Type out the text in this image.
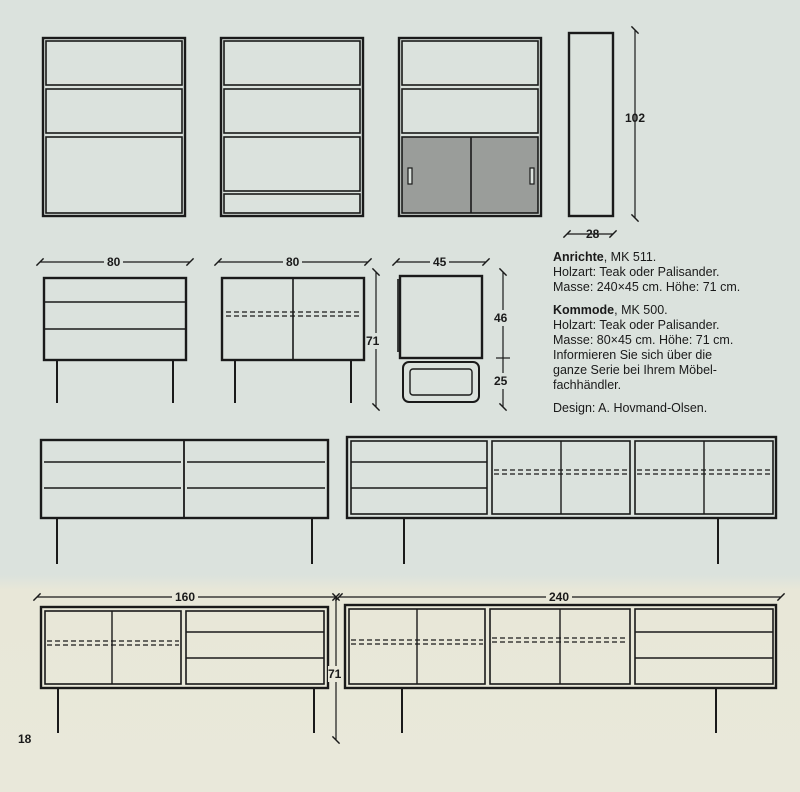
102
28
80	80	45
46
25
71
160	240
71

Anrichte, MK 511.
Holzart: Teak oder Palisander.
Masse: 240×45 cm. Höhe: 71 cm.

Kommode, MK 500.
Holzart: Teak oder Palisander.
Masse: 80×45 cm. Höhe: 71 cm.
Informieren Sie sich über die
ganze Serie bei Ihrem Möbel-
fachhändler.

Design: A. Hovmand-Olsen.

18
